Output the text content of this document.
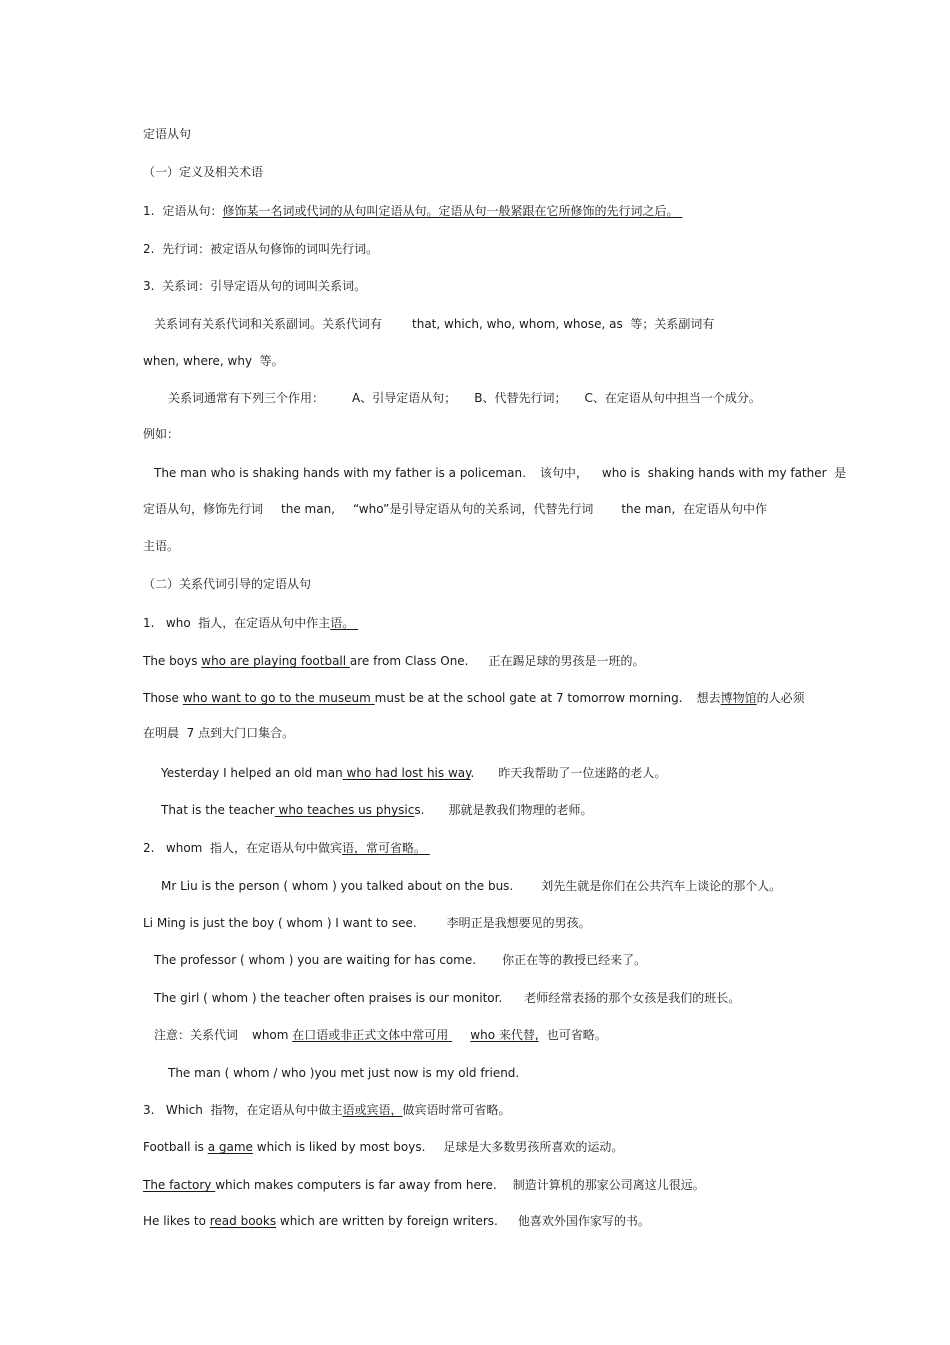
定语从句
（一）定义及相关术语
1. 定语从句：修饰某一名词或代词的从句叫定语从句。定语从句一般紧跟在它所修饰的先行词之后。
2.  先行词：被定语从句修饰的词叫先行词。
3.  关系词：引导定语从句的词叫关系词。
关系词有关系代词和关系副词。关系代词有	that, which, who, whom, whose, as  等；关系副词有
when, where, why  等。
关系词通常有下列三个作用： A、引导定语从句； B、代替先行词； C、在定语从句中担当一个成分。
例如：
The man who is shaking hands with my father is a policeman. 该句中， who is  shaking hands with my father  是
定语从句，修饰先行词 the man, “who”是引导定语从句的关系词，代替先行词 the man,  在定语从句中作
主语。
（二）关系代词引导的定语从句
1.   who  指人，在定语从句中作主语。
The boys who are playing football are from Class One. 正在踢足球的男孩是一班的。
Those who want to go to the museum must be at the school gate at 7 tomorrow morning. 想去博物馆的人必须
在明晨  7 点到大门口集合。
Yesterday I helped an old man who had lost his way. 昨天我帮助了一位迷路的老人。
That is the teacher who teaches us physics. 那就是教我们物理的老师。
2.   whom  指人，在定语从句中做宾语，常可省略。
Mr Liu is the person ( whom ) you talked about on the bus. 刘先生就是你们在公共汽车上谈论的那个人。
Li Ming is just the boy ( whom ) I want to see.	李明正是我想要见的男孩。
The professor ( whom ) you are waiting for has come. 你正在等的教授已经来了。
The girl ( whom ) the teacher often praises is our monitor. 老师经常表扬的那个女孩是我们的班长。
注意：关系代词 whom 在口语或非正式文体中常可用 who 来代替, 也可省略。
The man ( whom / who )you met just now is my old friend.
3.   Which  指物，在定语从句中做主语或宾语，做宾语时常可省略。
Football is a game which is liked by most boys. 足球是大多数男孩所喜欢的运动。
The factory which makes computers is far away from here. 制造计算机的那家公司离这儿很远。
He likes to read books which are written by foreign writers. 他喜欢外国作家写的书。
